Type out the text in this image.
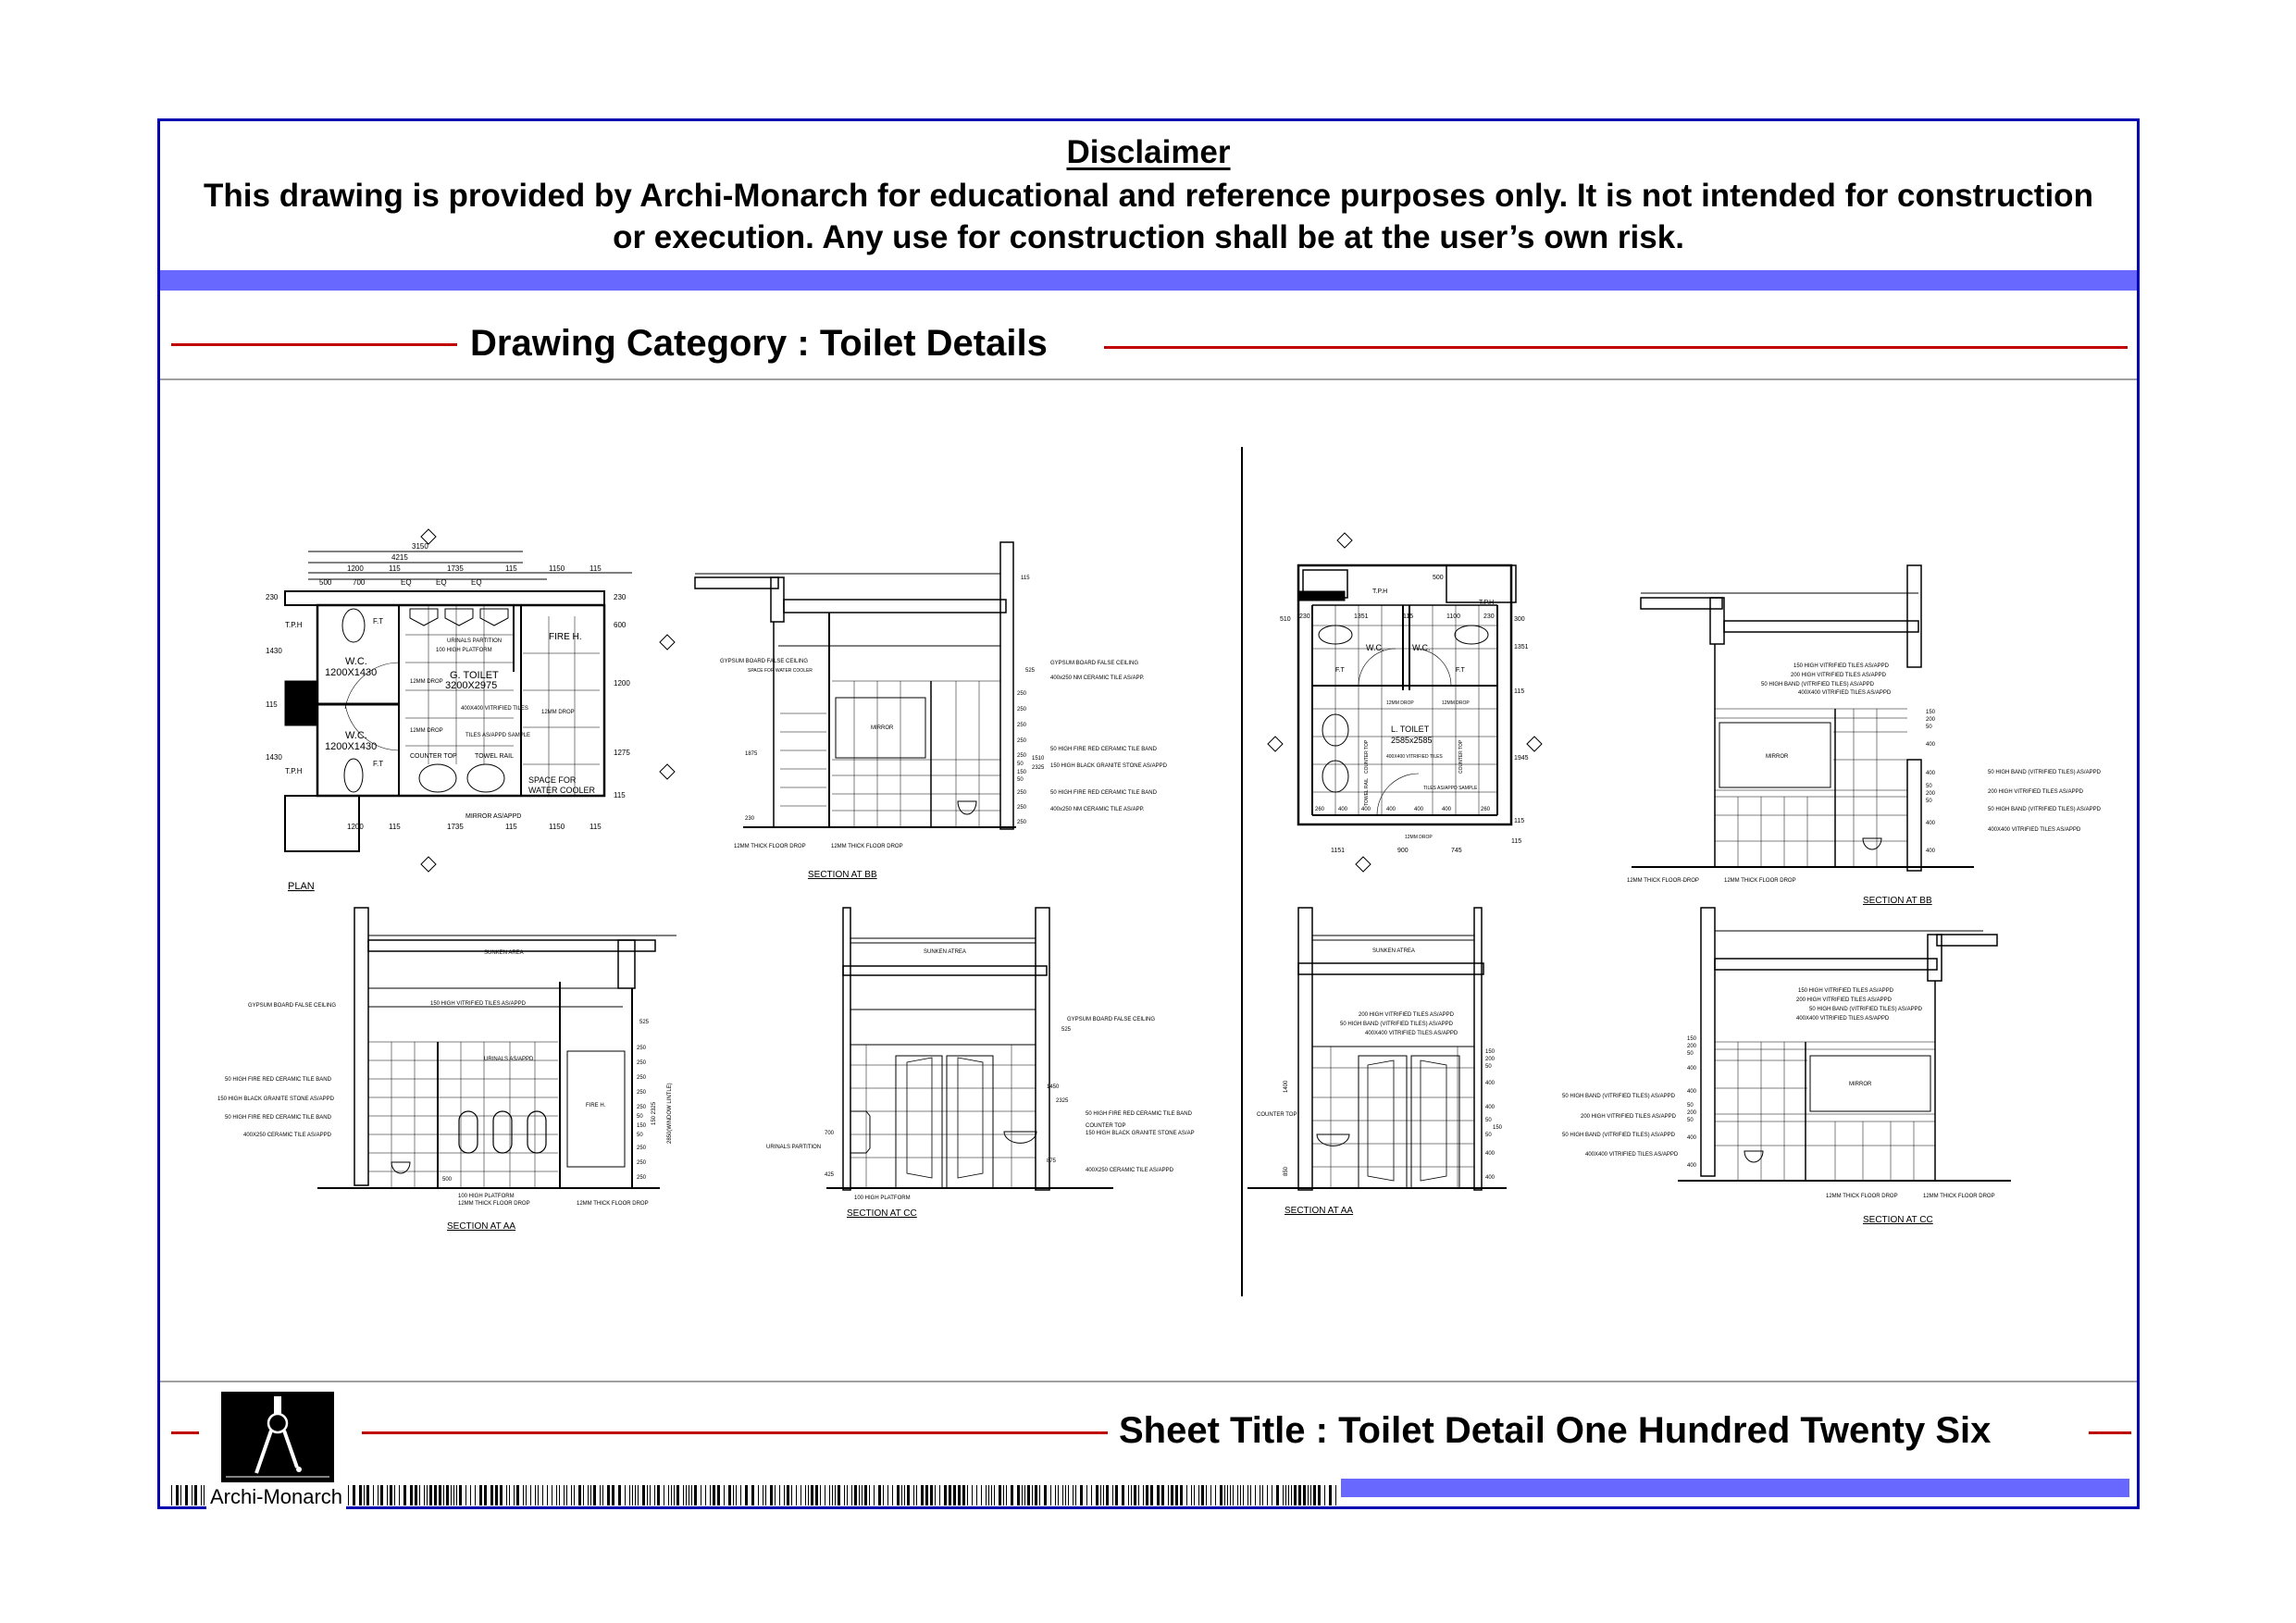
Disclaimer
This drawing is provided by Archi-Monarch for educational and reference purposes only. It is not intended for construction or execution. Any use for construction shall be at the user’s own risk.
Drawing Category : Toilet Details
3150
4215
1200	115	1735	115	1150	115
500	700	EQ	EQ	EQ
T.P.H
T.P.H
F.T
F.T
W.C.
1200X1430
W.C.
1200X1430
G. TOILET
3200X2975
URINALS PARTITION
100 HIGH PLATFORM
12MM DROP
12MM DROP
12MM DROP
400X400 VITRIFIED TILES
TILES AS/APPD SAMPLE
COUNTER TOP	TOWEL RAIL
FIRE H.
SPACE FOR
WATER COOLER
MIRROR AS/APPD
1200	115	1735	115	1150	115
230
1430
115
1430
230
600
1200
1275
115
PLAN
SPACE FOR WATER COOLER
MIRROR
GYPSUM BOARD FALSE CEILING	GYPSUM BOARD FALSE CEILING
400x250 NM CERAMIC TILE AS/APP.
50 HIGH FIRE RED CERAMIC TILE BAND
150 HIGH BLACK GRANITE STONE AS/APPD
50 HIGH FIRE RED CERAMIC TILE BAND
400x250 NM CERAMIC TILE AS/APP.
12MM THICK FLOOR DROP	12MM THICK FLOOR DROP
115
525
250
250
250
250
250
50
150
50
250
250
250
1875
230
1510
2325
SECTION AT BB
SUNKEN AREA
GYPSUM BOARD FALSE CEILING	150 HIGH VITRIFIED TILES AS/APPD
50 HIGH FIRE RED CERAMIC TILE BAND
150 HIGH BLACK GRANITE STONE AS/APPD
50 HIGH FIRE RED CERAMIC TILE BAND
400X250 CERAMIC TILE AS/APPD
URINALS AS/APPD
FIRE H.
100 HIGH PLATFORM
12MM THICK FLOOR DROP	12MM THICK FLOOR DROP
525
250
250
250
250
250
50
150
50
250
250
250
500
150 2325 2850(WINDOW LINTLE)
SECTION AT AA
SUNKEN ATREA
GYPSUM BOARD FALSE CEILING
50 HIGH FIRE RED CERAMIC TILE BAND
COUNTER TOP
150 HIGH BLACK GRANITE STONE AS/AP
400X250 CERAMIC TILE AS/APPD
URINALS PARTITION
100 HIGH PLATFORM
525
1450
2325
875
700
425
SECTION AT CC
T.P.H
T.P.H
W.C.	W.C.
F.T	F.T
L. TOILET
2585x2585
400X400 VITRIFIED TILES
TILES AS/APPD SAMPLE
COUNTER TOP	COUNTER TOP
TOWEL RAIL
12MM DROP	12MM DROP
12MM DROP
1351	115	1100
230	230
1151	900	745
115
500
510	300
1351
115
1945
115
260 400 400	400	400	400	260
MIRROR
150 HIGH VITRIFIED TILES AS/APPD
200 HIGH VITRIFIED TILES AS/APPD
50 HIGH BAND (VITRIFIED TILES) AS/APPD
400X400 VITRIFIED TILES AS/APPD
50 HIGH BAND (VITRIFIED TILES) AS/APPD
200 HIGH VITRIFIED TILES AS/APPD
50 HIGH BAND (VITRIFIED TILES) AS/APPD
400X400 VITRIFIED TILES AS/APPD
12MM THICK FLOOR-DROP	12MM THICK FLOOR DROP
150
200
50
400
400
50
200
50
400
400
SECTION AT BB
SUNKEN ATREA
200 HIGH VITRIFIED TILES AS/APPD
50 HIGH BAND (VITRIFIED TILES) AS/APPD
400X400 VITRIFIED TILES AS/APPD
COUNTER TOP
1400
850
150
200
50
400
400
50
150
50
400
400
SECTION AT AA
MIRROR
150 HIGH VITRIFIED TILES AS/APPD
200 HIGH VITRIFIED TILES AS/APPD
50 HIGH BAND (VITRIFIED TILES) AS/APPD
400X400 VITRIFIED TILES AS/APPD
50 HIGH BAND (VITRIFIED TILES) AS/APPD
200 HIGH VITRIFIED TILES AS/APPD
50 HIGH BAND (VITRIFIED TILES) AS/APPD
400X400 VITRIFIED TILES AS/APPD
12MM THICK FLOOR DROP	12MM THICK FLOOR DROP
150
200
50
400
400
50
200
50
400
400
SECTION AT CC
Sheet Title : Toilet Detail One Hundred Twenty Six
Archi-Monarch
